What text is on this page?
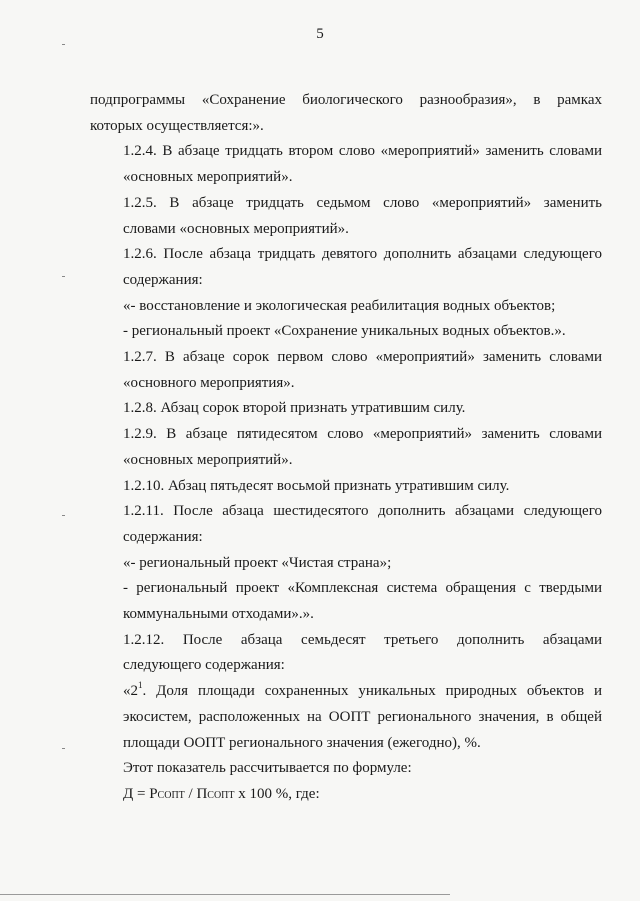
5
подпрограммы «Сохранение биологического разнообразия», в рамках
которых осуществляется:».
1.2.4. В абзаце тридцать втором слово «мероприятий» заменить словами
«основных мероприятий».
1.2.5. В абзаце тридцать седьмом слово «мероприятий» заменить
словами «основных мероприятий».
1.2.6. После абзаца тридцать девятого дополнить абзацами следующего
содержания:
«- восстановление и экологическая реабилитация водных объектов;
- региональный проект «Сохранение уникальных водных объектов.».
1.2.7. В абзаце сорок первом слово «мероприятий» заменить словами
«основного мероприятия».
1.2.8. Абзац сорок второй признать утратившим силу.
1.2.9. В абзаце пятидесятом слово «мероприятий» заменить словами
«основных мероприятий».
1.2.10. Абзац пятьдесят восьмой признать утратившим силу.
1.2.11. После абзаца шестидесятого дополнить абзацами следующего
содержания:
«- региональный проект «Чистая страна»;
- региональный проект «Комплексная система обращения с твердыми
коммунальными отходами».».
1.2.12. После абзаца семьдесят третьего дополнить абзацами
следующего содержания:
«$2^1$. Доля площади сохраненных уникальных природных объектов и
экосистем, расположенных на ООПТ регионального значения, в общей
площади ООПТ регионального значения (ежегодно), %.
Этот показатель рассчитывается по формуле:
Д = РСОПТ / ПСОПТ x 100 %, где:
